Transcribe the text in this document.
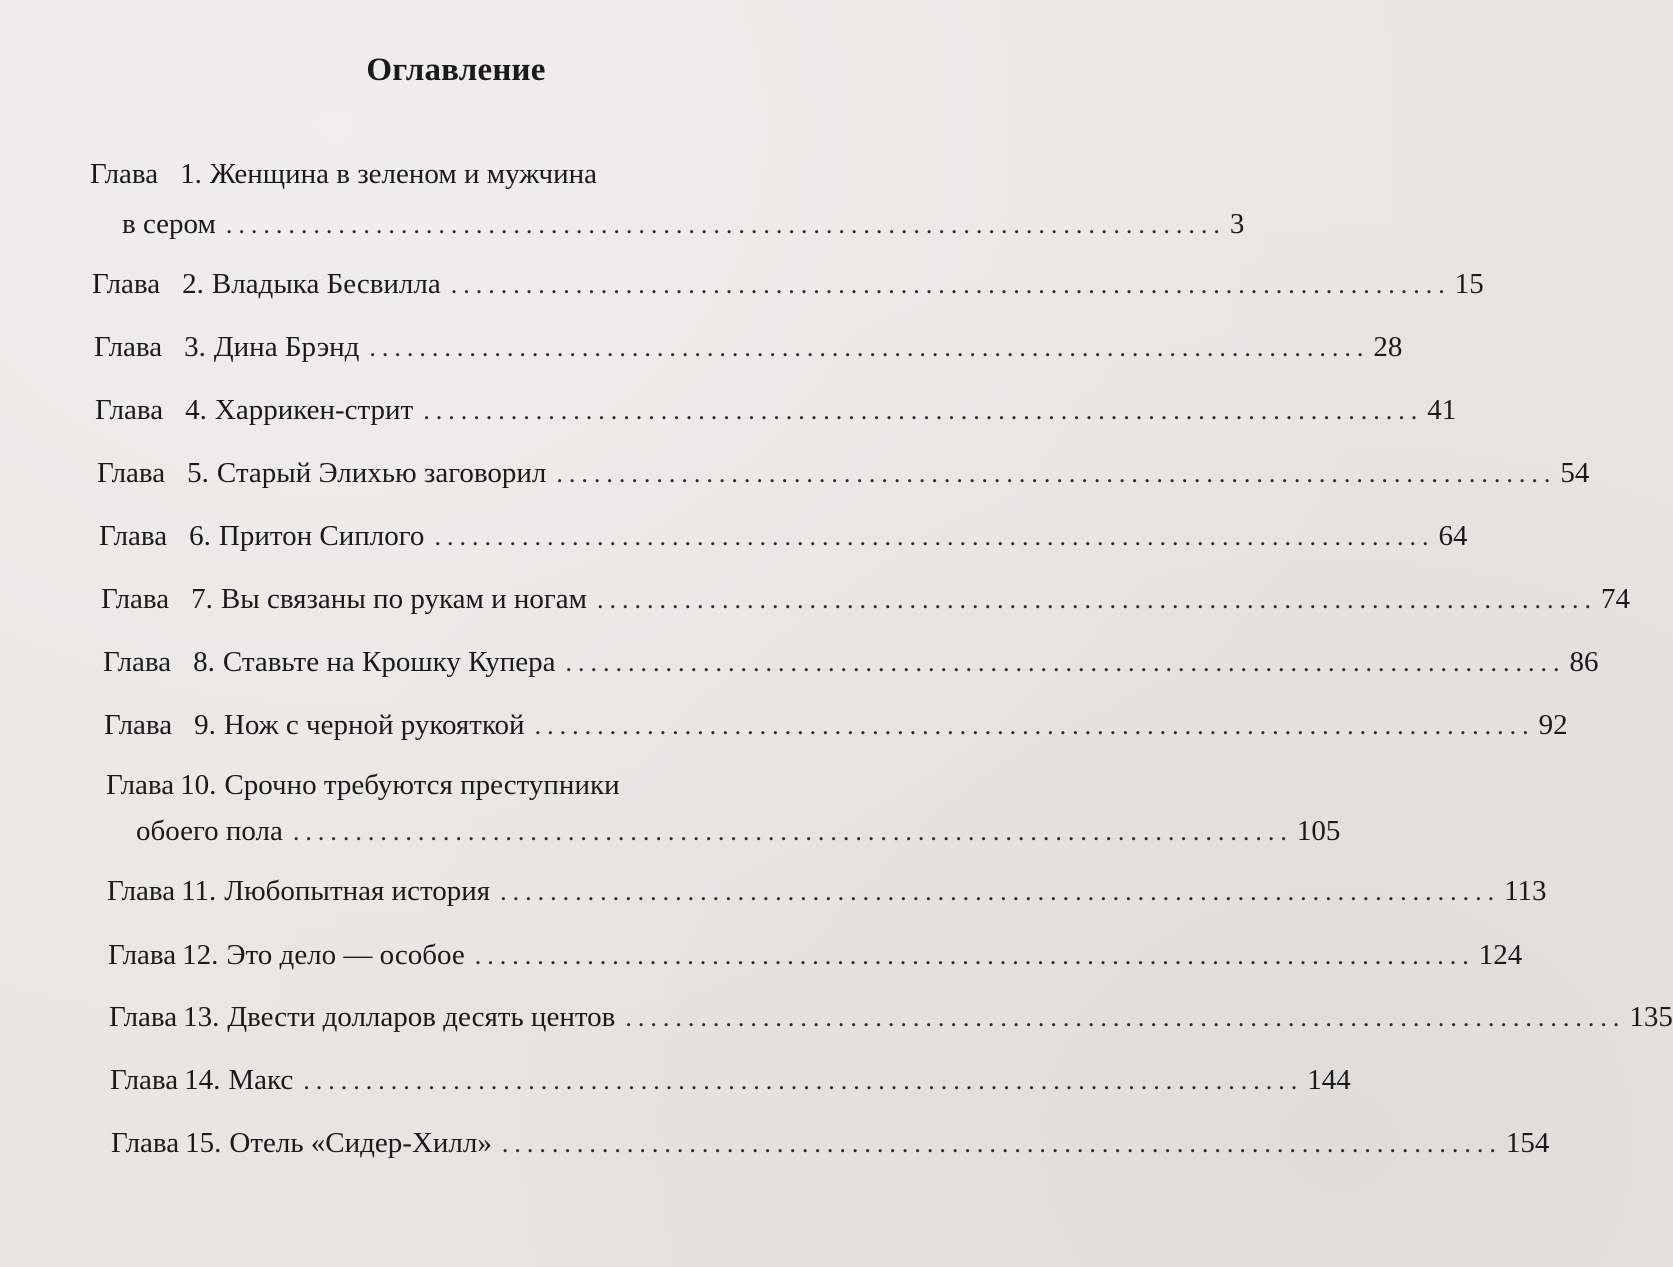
Оглавление
Глава 1. Женщина в зеленом и мужчина
в сером ................................................................................ 3
Глава 2. Владыка Бесвилла ................................................................................ 15
Глава 3. Дина Брэнд ................................................................................ 28
Глава 4. Харрикен-стрит ................................................................................ 41
Глава 5. Старый Элихью заговорил ................................................................................ 54
Глава 6. Притон Сиплого ................................................................................ 64
Глава 7. Вы связаны по рукам и ногам ................................................................................ 74
Глава 8. Ставьте на Крошку Купера ................................................................................ 86
Глава 9. Нож с черной рукояткой ................................................................................ 92
Глава 10. Срочно требуются преступники
обоего пола ................................................................................ 105
Глава 11. Любопытная история ................................................................................ 113
Глава 12. Это дело — особое ................................................................................ 124
Глава 13. Двести долларов десять центов ................................................................................ 135
Глава 14. Макс ................................................................................ 144
Глава 15. Отель «Сидер-Хилл» ................................................................................ 154
